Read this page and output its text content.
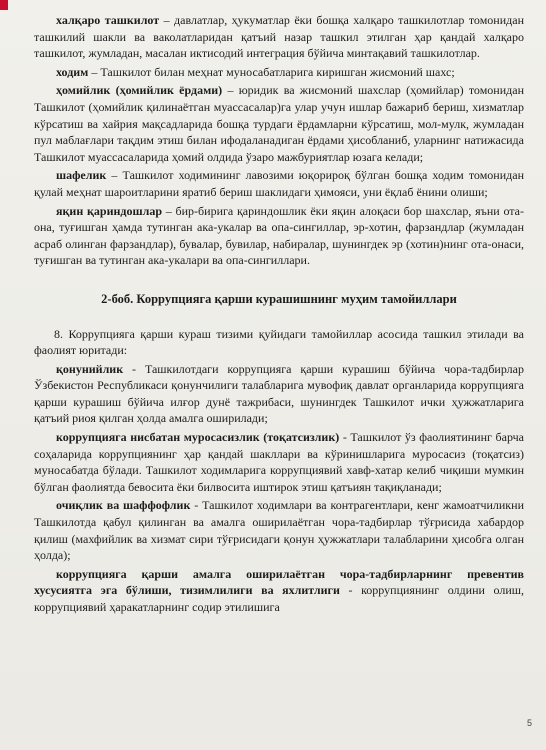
халқаро ташкилот – давлатлар, ҳукуматлар ёки бошқа халқаро ташкилотлар томонидан ташкилий шакли ва ваколатларидан қатъий назар ташкил этилган ҳар қандай халқаро ташкилот, жумладан, масалан иктисодий интеграция бўйича минтақавий ташкилотлар.

ходим – Ташкилот билан меҳнат муносабатларига киришган жисмоний шахс;

ҳомийлик (ҳомийлик ёрдами) – юридик ва жисмоний шахслар (ҳомийлар) томонидан Ташкилот (ҳомийлик қилинаётган муассасалар)га улар учун ишлар бажариб бериш, хизматлар кўрсатиш ва хайрия мақсадларида бошқа турдаги ёрдамларни кўрсатиш, мол-мулк, жумладан пул маблағлари тақдим этиш билан ифодаланадиган ёрдами ҳисобланиб, уларнинг натижасида Ташкилот муассасаларида ҳомий олдида ўзаро мажбуриятлар юзага келади;

шафелик – Ташкилот ходимининг лавозими юқорироқ бўлган бошқа ходим томонидан қулай меҳнат шароитларини яратиб бериш шаклидаги ҳимояси, уни ёқлаб ёнини олиши;

яқин қариндошлар – бир-бирига қариндошлик ёки яқин алоқаси бор шахслар, яъни ота-она, туғишган ҳамда тутинган ака-укалар ва опа-сингиллар, эр-хотин, фарзандлар (жумладан асраб олинган фарзандлар), бувалар, бувилар, набиралар, шунингдек эр (хотин)нинг ота-онаси, туғишган ва тутинган ака-укалари ва опа-сингиллари.

2-боб. Коррупцияга қарши курашишнинг муҳим тамойиллари

8. Коррупцияга қарши кураш тизими қуйидаги тамойиллар асосида ташкил этилади ва фаолият юритади:

қонунийлик - Ташкилотдаги коррупцияга қарши курашиш бўйича чора-тадбирлар Ўзбекистон Республикаси қонунчилиги талабларига мувофиқ давлат органларида коррупцияга қарши курашиш бўйича илғор дунё тажрибаси, шунингдек Ташкилот ички ҳужжатларига қатъий риоя қилган ҳолда амалга оширилади;

коррупцияга нисбатан муросасизлик (тоқатсизлик) - Ташкилот ўз фаолиятининг барча соҳаларида коррупциянинг ҳар қандай шакллари ва кўринишларига муросасиз (тоқатсиз) муносабатда бўлади. Ташкилот ходимларига коррупциявий хавф-хатар келиб чиқиши мумкин бўлган фаолиятда бевосита ёки билвосита иштирок этиш қатъиян тақиқланади;

очиқлик ва шаффофлик - Ташкилот ходимлари ва контрагентлари, кенг жамоатчиликни Ташкилотда қабул қилинган ва амалга оширилаётган чора-тадбирлар тўғрисида хабардор қилиш (махфийлик ва хизмат сири тўғрисидаги қонун ҳужжатлари талабларини ҳисобга олган ҳолда);

коррупцияга қарши амалга оширилаётган чора-тадбирларнинг превентив хусусиятга эга бўлиши, тизимлилиги ва яхлитлиги - коррупциянинг олдини олиш, коррупциявий ҳаракатларнинг содир этилишига

5
